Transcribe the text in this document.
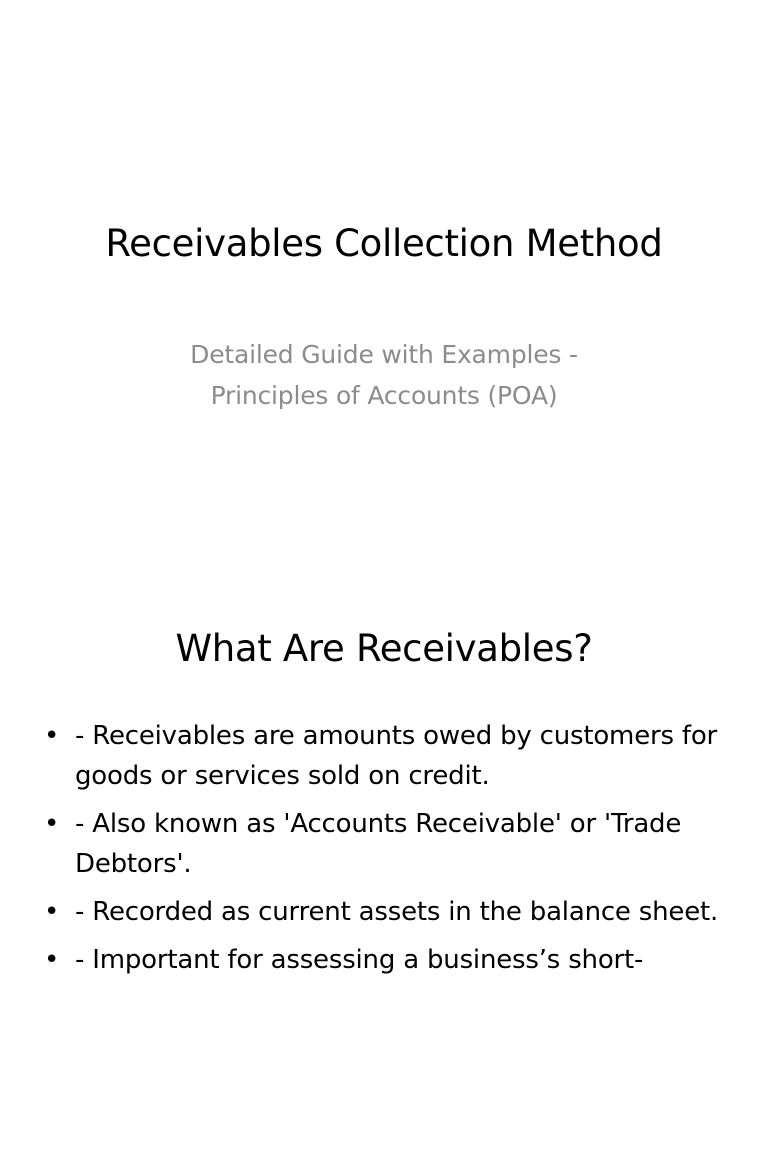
Receivables Collection Method
Detailed Guide with Examples -
Principles of Accounts (POA)
What Are Receivables?
• - Receivables are amounts owed by customers for goods or services sold on credit.
• - Also known as 'Accounts Receivable' or 'Trade Debtors'.
• - Recorded as current assets in the balance sheet.
• - Important for assessing a business’s short-
